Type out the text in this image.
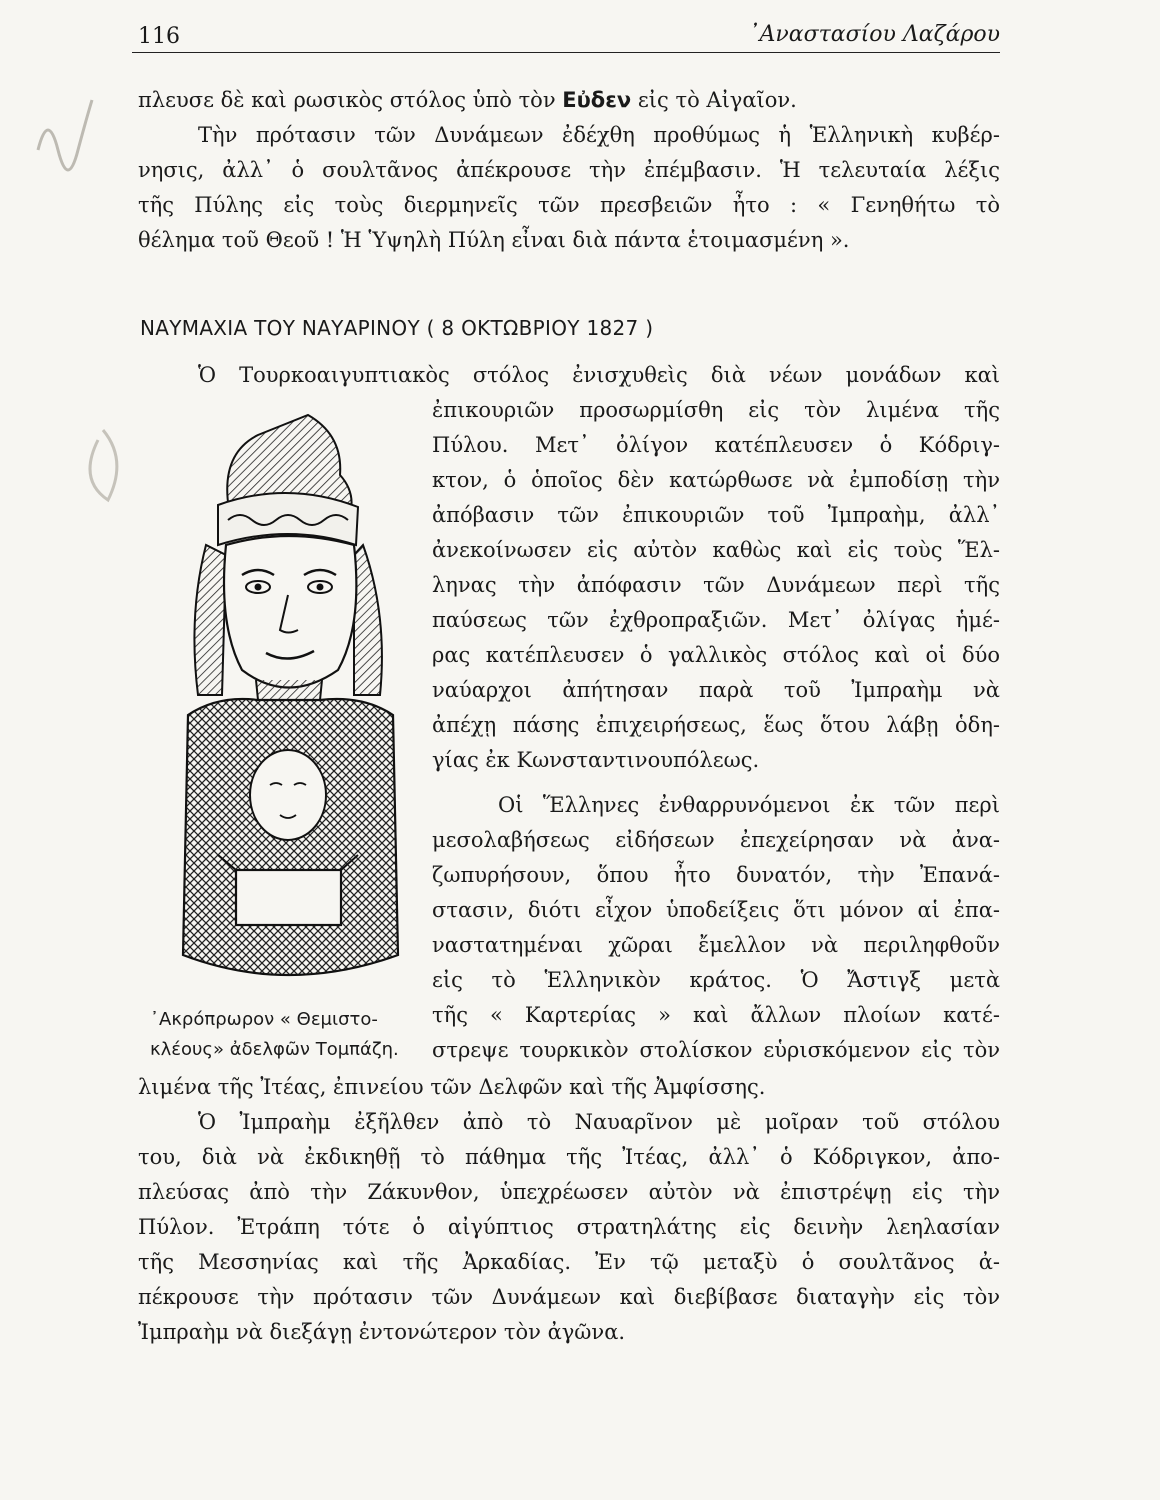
116	᾿Αναστασίου Λαζάρου
πλευσε δὲ καὶ ρωσικὸς στόλος ὑπὸ τὸν Εὐδεν εἰς τὸ Αἰγαῖον.
Τὴν πρότασιν τῶν Δυνάμεων ἐδέχθη προθύμως ἡ Ἑλληνικὴ κυβέρ-
νησις, ἀλλ᾿ ὁ σουλτᾶνος ἀπέκρουσε τὴν ἐπέμβασιν. Ἡ τελευταία λέξις
τῆς Πύλης εἰς τοὺς διερμηνεῖς τῶν πρεσβειῶν ἦτο : « Γενηθήτω τὸ
θέλημα τοῦ Θεοῦ ! Ἡ Ὑψηλὴ Πύλη εἶναι διὰ πάντα ἑτοιμασμένη ».
ΝΑΥΜΑΧΙΑ ΤΟΥ ΝΑΥΑΡΙΝΟΥ ( 8 ΟΚΤΩΒΡΙΟΥ 1827 )
Ὁ Τουρκοαιγυπτιακὸς στόλος ἐνισχυθεὶς διὰ νέων μονάδων καὶ
ἐπικουριῶν προσωρμίσθη εἰς τὸν λιμένα τῆς
Πύλου. Μετ᾿ ὀλίγον κατέπλευσεν ὁ Κόδριγ-
κτον, ὁ ὁποῖος δὲν κατώρθωσε νὰ ἐμποδίσῃ τὴν
ἀπόβασιν τῶν ἐπικουριῶν τοῦ Ἰμπραὴμ, ἀλλ᾿
ἀνεκοίνωσεν εἰς αὐτὸν καθὼς καὶ εἰς τοὺς Ἕλ-
ληνας τὴν ἀπόφασιν τῶν Δυνάμεων περὶ τῆς
παύσεως τῶν ἐχθροπραξιῶν. Μετ᾿ ὀλίγας ἡμέ-
ρας κατέπλευσεν ὁ γαλλικὸς στόλος καὶ οἱ δύο
ναύαρχοι ἀπήτησαν παρὰ τοῦ Ἰμπραὴμ νὰ
ἀπέχῃ πάσης ἐπιχειρήσεως, ἕως ὅτου λάβῃ ὁδη-
γίας ἐκ Κωνσταντινουπόλεως.
Οἱ Ἕλληνες ἐνθαρρυνόμενοι ἐκ τῶν περὶ
μεσολαβήσεως εἰδήσεων ἐπεχείρησαν νὰ ἀνα-
ζωπυρήσουν, ὅπου ἦτο δυνατόν, τὴν Ἐπανά-
στασιν, διότι εἶχον ὑποδείξεις ὅτι μόνον αἱ ἐπα-
ναστατημέναι χῶραι ἔμελλον νὰ περιληφθοῦν
εἰς τὸ Ἑλληνικὸν κράτος. Ὁ Ἄστιγξ μετὰ
τῆς « Καρτερίας » καὶ ἄλλων πλοίων κατέ-
στρεψε τουρκικὸν στολίσκον εὑρισκόμενον εἰς τὸν
᾿Ακρόπρωρον « Θεμιστο-
κλέους» ἀδελφῶν Τομπάζη.
λιμένα τῆς Ἰτέας, ἐπινείου τῶν Δελφῶν καὶ τῆς Ἀμφίσσης.
Ὁ Ἰμπραὴμ ἐξῆλθεν ἀπὸ τὸ Ναυαρῖνον μὲ μοῖραν τοῦ στόλου
του, διὰ νὰ ἐκδικηθῇ τὸ πάθημα τῆς Ἰτέας, ἀλλ᾿ ὁ Κόδριγκον, ἀπο-
πλεύσας ἀπὸ τὴν Ζάκυνθον, ὑπεχρέωσεν αὐτὸν νὰ ἐπιστρέψῃ εἰς τὴν
Πύλον. Ἐτράπη τότε ὁ αἰγύπτιος στρατηλάτης εἰς δεινὴν λεηλασίαν
τῆς Μεσσηνίας καὶ τῆς Ἀρκαδίας. Ἐν τῷ μεταξὺ ὁ σουλτᾶνος ἀ-
πέκρουσε τὴν πρότασιν τῶν Δυνάμεων καὶ διεβίβασε διαταγὴν εἰς τὸν
Ἰμπραὴμ νὰ διεξάγῃ ἐντονώτερον τὸν ἀγῶνα.
